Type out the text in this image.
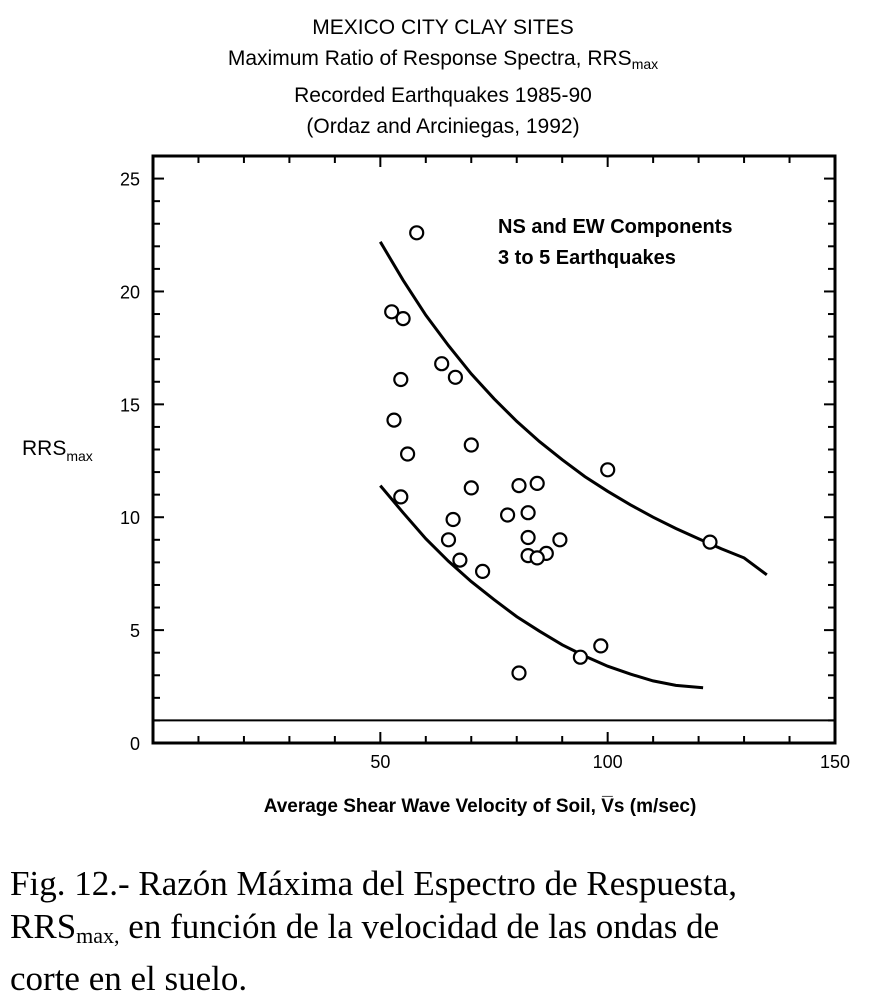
MEXICO CITY CLAY SITES
Maximum Ratio of Response Spectra, $RRS_{max}$
Recorded Earthquakes 1985-90
(Ordaz and Arciniegas, 1992)
50	100	150
0
5
10
15
20
25
NS and EW Components
3 to 5 Earthquakes
$RRS_{max}$
Average Shear Wave Velocity of Soil, V̅s (m/sec)
Fig. 12.- Razón Máxima del Espectro de Respuesta,
$RRS_{max,}$ en función de la velocidad de las ondas de
corte en el suelo.
